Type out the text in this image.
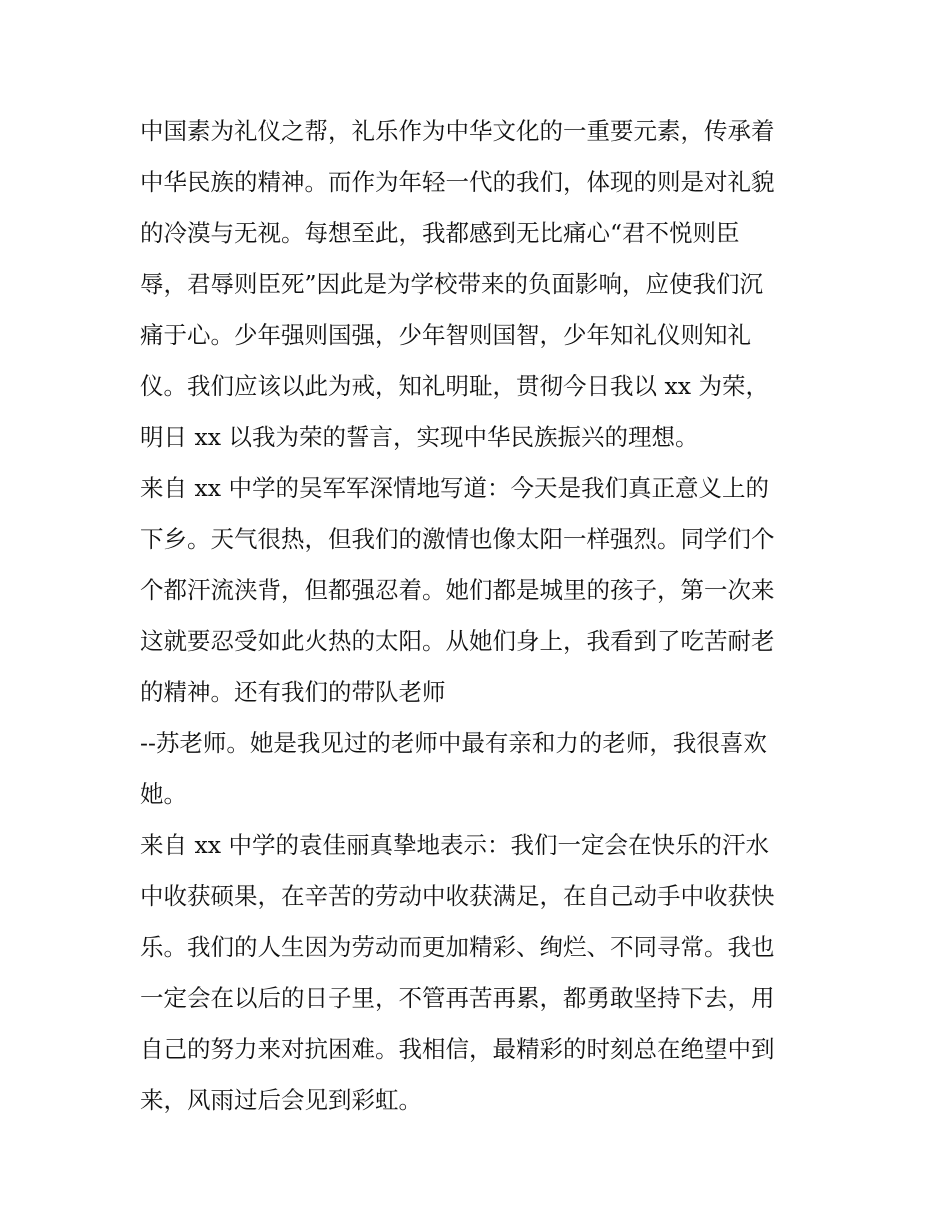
中国素为礼仪之帮，礼乐作为中华文化的一重要元素，传承着
中华民族的精神。而作为年轻一代的我们，体现的则是对礼貌
的冷漠与无视。每想至此，我都感到无比痛心“君不悦则臣
辱，君辱则臣死”因此是为学校带来的负面影响，应使我们沉
痛于心。少年强则国强，少年智则国智，少年知礼仪则知礼
仪。我们应该以此为戒，知礼明耻，贯彻今日我以 xx 为荣，
明日 xx 以我为荣的誓言，实现中华民族振兴的理想。
来自 xx 中学的吴军军深情地写道：今天是我们真正意义上的
下乡。天气很热，但我们的激情也像太阳一样强烈。同学们个
个都汗流浃背，但都强忍着。她们都是城里的孩子，第一次来
这就要忍受如此火热的太阳。从她们身上，我看到了吃苦耐老
的精神。还有我们的带队老师
--苏老师。她是我见过的老师中最有亲和力的老师，我很喜欢
她。
来自 xx 中学的袁佳丽真挚地表示：我们一定会在快乐的汗水
中收获硕果，在辛苦的劳动中收获满足，在自己动手中收获快
乐。我们的人生因为劳动而更加精彩、绚烂、不同寻常。我也
一定会在以后的日子里，不管再苦再累，都勇敢坚持下去，用
自己的努力来对抗困难。我相信，最精彩的时刻总在绝望中到
来，风雨过后会见到彩虹。
